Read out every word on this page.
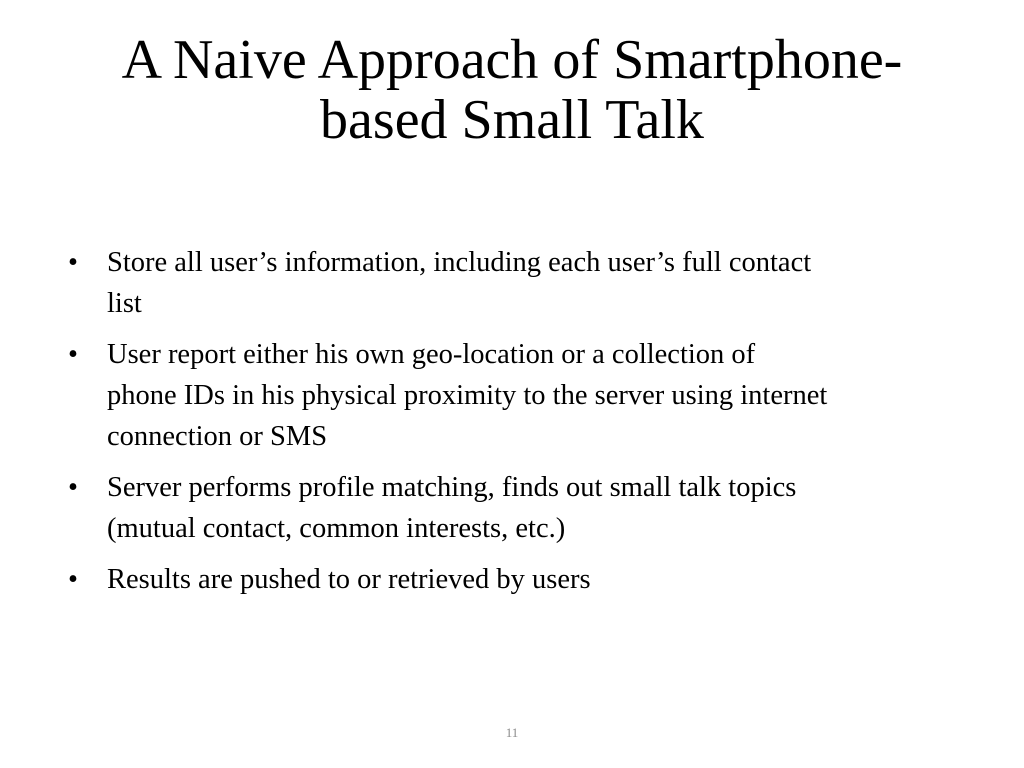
A Naive Approach of Smartphone-
based Small Talk
•	Store all user’s information, including each user’s full contact
list
•	User report either his own geo-location or a collection of
phone IDs in his physical proximity to the server using internet
connection or SMS
•	Server performs profile matching, finds out small talk topics
(mutual contact, common interests, etc.)
•	Results are pushed to or retrieved by users
11
